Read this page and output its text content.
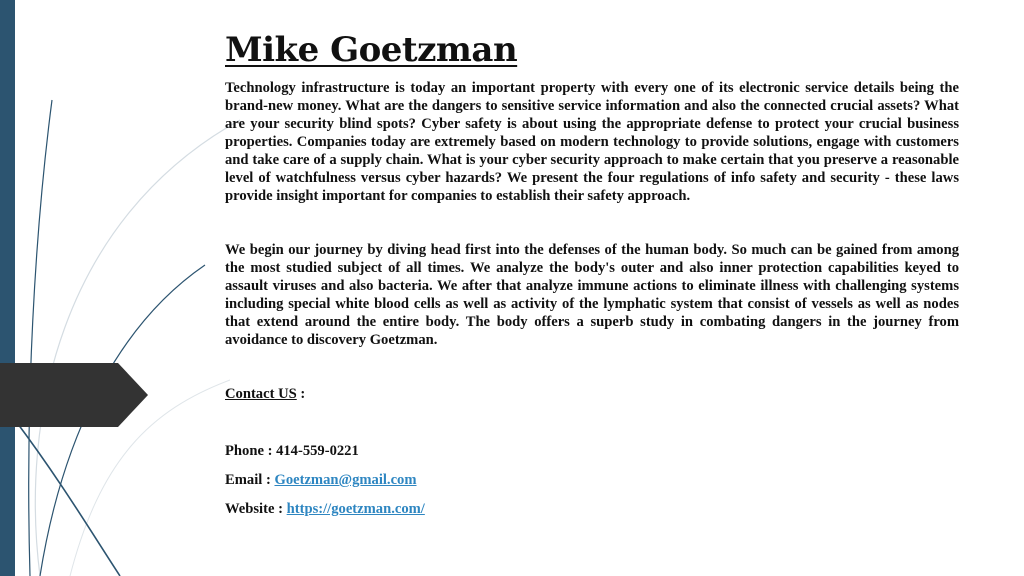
Mike Goetzman

Technology infrastructure is today an important property with every one of its electronic service details being the brand-new money. What are the dangers to sensitive service information and also the connected crucial assets? What are your security blind spots? Cyber safety is about using the appropriate defense to protect your crucial business properties. Companies today are extremely based on modern technology to provide solutions, engage with customers and take care of a supply chain. What is your cyber security approach to make certain that you preserve a reasonable level of watchfulness versus cyber hazards? We present the four regulations of info safety and security - these laws provide insight important for companies to establish their safety approach.

We begin our journey by diving head first into the defenses of the human body. So much can be gained from among the most studied subject of all times. We analyze the body's outer and also inner protection capabilities keyed to assault viruses and also bacteria. We after that analyze immune actions to eliminate illness with challenging systems including special white blood cells as well as activity of the lymphatic system that consist of vessels as well as nodes that extend around the entire body. The body offers a superb study in combating dangers in the journey from avoidance to discovery Goetzman.

Contact US :
Phone : 414-559-0221
Email : Goetzman@gmail.com
Website : https://goetzman.com/
